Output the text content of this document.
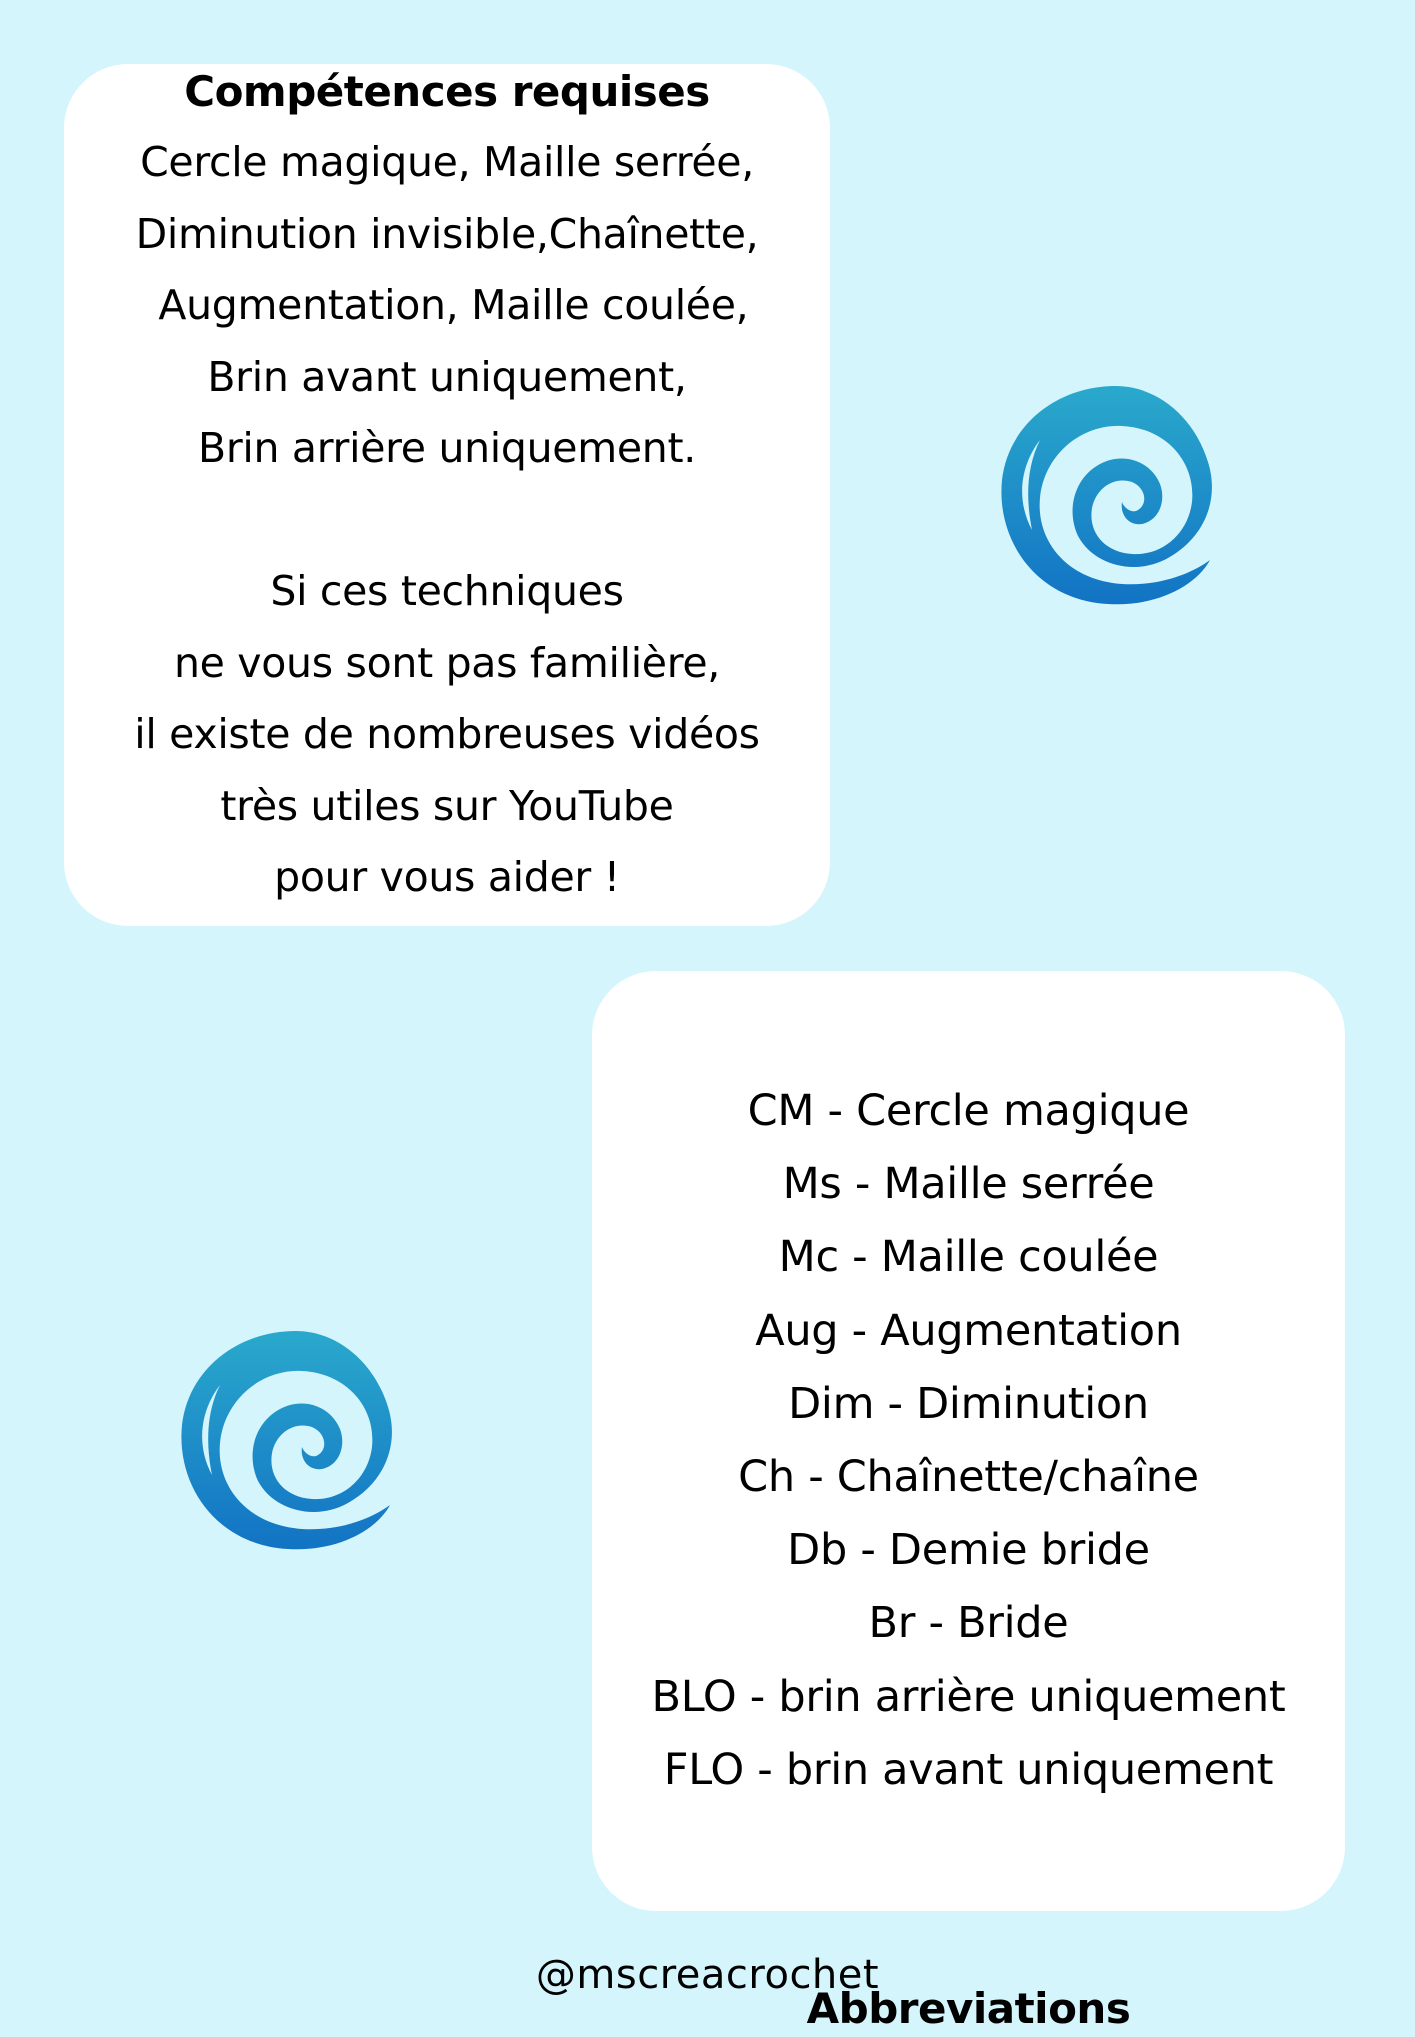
Compétences requises
Cercle magique, Maille serrée,
Diminution invisible,Chaînette,
Augmentation, Maille coulée,
Brin avant uniquement,
Brin arrière uniquement.
Si ces techniques
ne vous sont pas familière,
il existe de nombreuses vidéos
très utiles sur YouTube
pour vous aider !
Abbreviations
CM - Cercle magique
Ms - Maille serrée
Mc - Maille coulée
Aug - Augmentation
Dim - Diminution
Ch - Chaînette/chaîne
Db - Demie bride
Br - Bride
BLO - brin arrière uniquement
FLO - brin avant uniquement
@mscreacrochet
